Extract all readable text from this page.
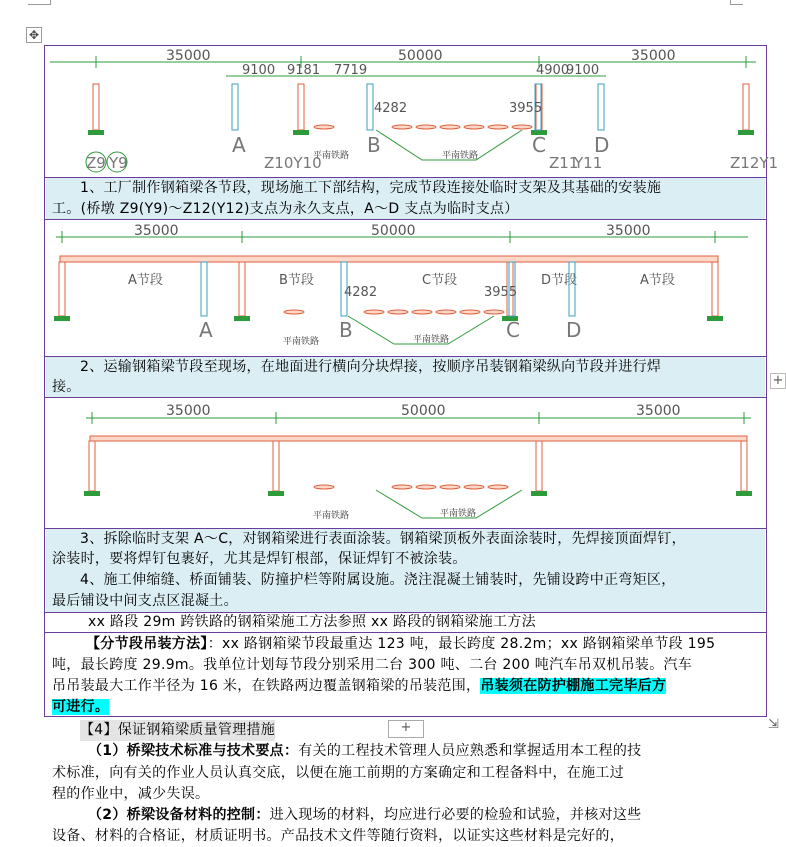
✥
35000	50000	35000
9100 9181 7719	4900
9100
4282	3955
平南铁路	平南铁路
A	B	C D
Z9 Y9	Z10Y10	Z11
Y11	Z12Y1
1、工厂制作钢箱梁各节段，现场施工下部结构，完成节段连接处临时支架及其基础的安装施
工。(桥墩 Z9(Y9)～Z12(Y12)支点为永久支点，A～D 支点为临时支点）
35000	50000	35000
A节段	B节段	C节段	D节段	A节段
4282	3955
平南铁路	平南铁路
A	B	C D
2、运输钢箱梁节段至现场，在地面进行横向分块焊接，按顺序吊装钢箱梁纵向节段并进行焊
接。
35000	50000	35000
平南铁路	平南铁路
3、拆除临时支架 A～C，对钢箱梁进行表面涂装。钢箱梁顶板外表面涂装时，先焊接顶面焊钉，
涂装时，要将焊钉包裹好，尤其是焊钉根部，保证焊钉不被涂装。
4、施工伸缩缝、桥面铺装、防撞护栏等附属设施。浇注混凝土铺装时，先铺设跨中正弯矩区，
最后铺设中间支点区混凝土。
xx 路段 29m 跨铁路的钢箱梁施工方法参照 xx 路段的钢箱梁施工方法
【分节段吊装方法】：xx 路钢箱梁节段最重达 123 吨，最长跨度 28.2m；xx 路钢箱梁单节段 195
吨，最长跨度 29.9m。我单位计划每节段分别采用二台 300 吨、二台 200 吨汽车吊双机吊装。汽车
吊吊装最大工作半径为 16 米，在铁路两边覆盖钢箱梁的吊装范围，吊装须在防护棚施工完毕后方
可进行。
⇲
+
【4】保证钢箱梁质量管理措施	+
（1）桥梁技术标准与技术要点：有关的工程技术管理人员应熟悉和掌握适用本工程的技
术标准，向有关的作业人员认真交底，以便在施工前期的方案确定和工程备料中，在施工过
程的作业中，减少失误。
（2）桥梁设备材料的控制：进入现场的材料，均应进行必要的检验和试验，并核对这些
设备、材料的合格证，材质证明书。产品技术文件等随行资料，以证实这些材料是完好的，
